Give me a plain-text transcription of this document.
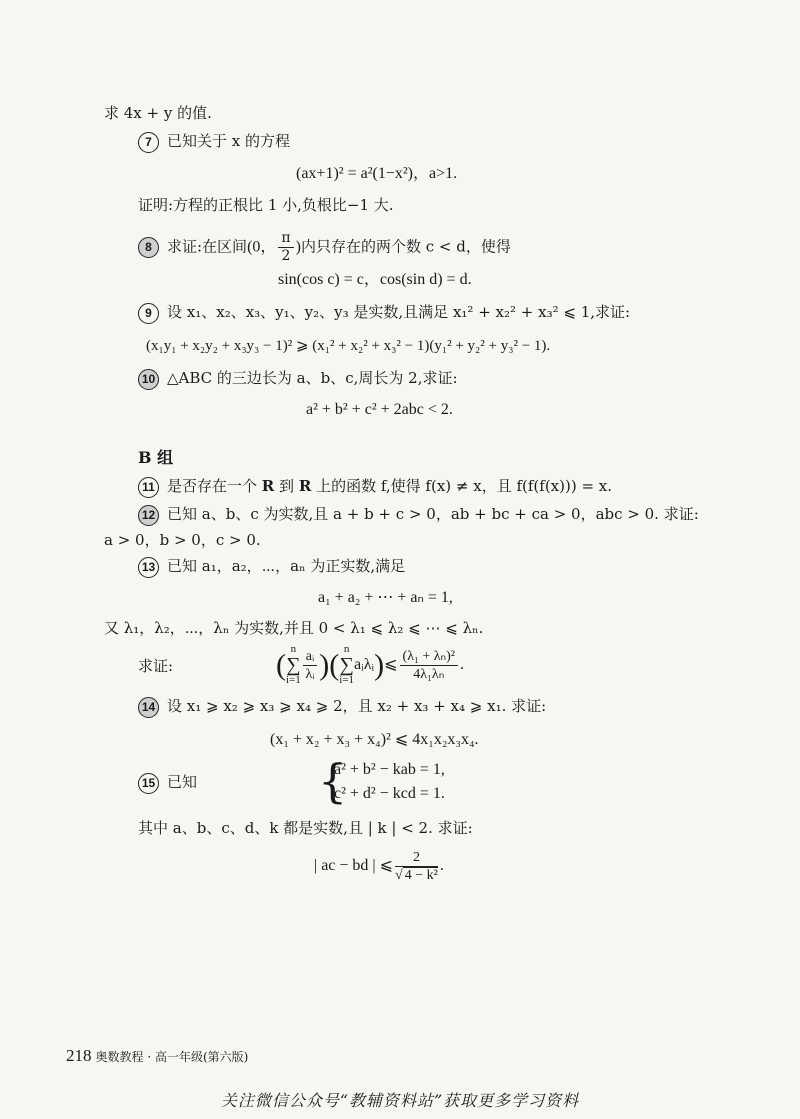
求 4x + y 的值.
7 已知关于 x 的方程
(ax+1)² = a²(1−x²)，a>1.
证明:方程的正根比 1 小,负根比−1 大.
8 求证:在区间(0， $\frac{\pi}{2}$ )内只存在的两个数 c < d，使得
sin(cos c) = c，cos(sin d) = d.
9 设 x₁、x₂、x₃、y₁、y₂、y₃ 是实数,且满足 x₁² + x₂² + x₃² ⩽ 1,求证:
(x₁y₁ + x₂y₂ + x₃y₃ − 1)² ⩾ (x₁² + x₂² + x₃² − 1)(y₁² + y₂² + y₃² − 1).
10 △ABC 的三边长为 a、b、c,周长为 2,求证:
a² + b² + c² + 2abc < 2.
B 组
11 是否存在一个 R 到 R 上的函数 f,使得 f(x) ≠ x，且 f(f(f(x))) = x.
12 已知 a、b、c 为实数,且 a + b + c > 0，ab + bc + ca > 0，abc > 0. 求证:
a > 0，b > 0，c > 0.
13 已知 a₁，a₂，⋯，aₙ 为正实数,满足
a₁ + a₂ + ⋯ + aₙ = 1,
又 λ₁，λ₂，⋯，λₙ 为实数,并且 0 < λ₁ ⩽ λ₂ ⩽ ⋯ ⩽ λₙ.
求证:	( n
∑
$i=1 \frac{\text{aᵢ}}{\text{λᵢ}}$ )( n
∑
i=1aᵢλᵢ)⩽ $\frac{\text{(λ₁ + λₙ)²}}{\text{4λ₁λₙ}}$ .
14 设 x₁ ⩾ x₂ ⩾ x₃ ⩾ x₄ ⩾ 2，且 x₂ + x₃ + x₄ ⩾ x₁. 求证:
(x₁ + x₂ + x₃ + x₄)² ⩽ 4x₁x₂x₃x₄.
15 已知	{
a² + b² − kab = 1,
c² + d² − kcd = 1.
其中 a、b、c、d、k 都是实数,且 | k | < 2. 求证:
| ac − bd | ⩽ $\frac{2}{\text{√ 4 − k²}}$ .
218 奥数教程 · 高一年级(第六版)
关注微信公众号“教辅资料站”获取更多学习资料
